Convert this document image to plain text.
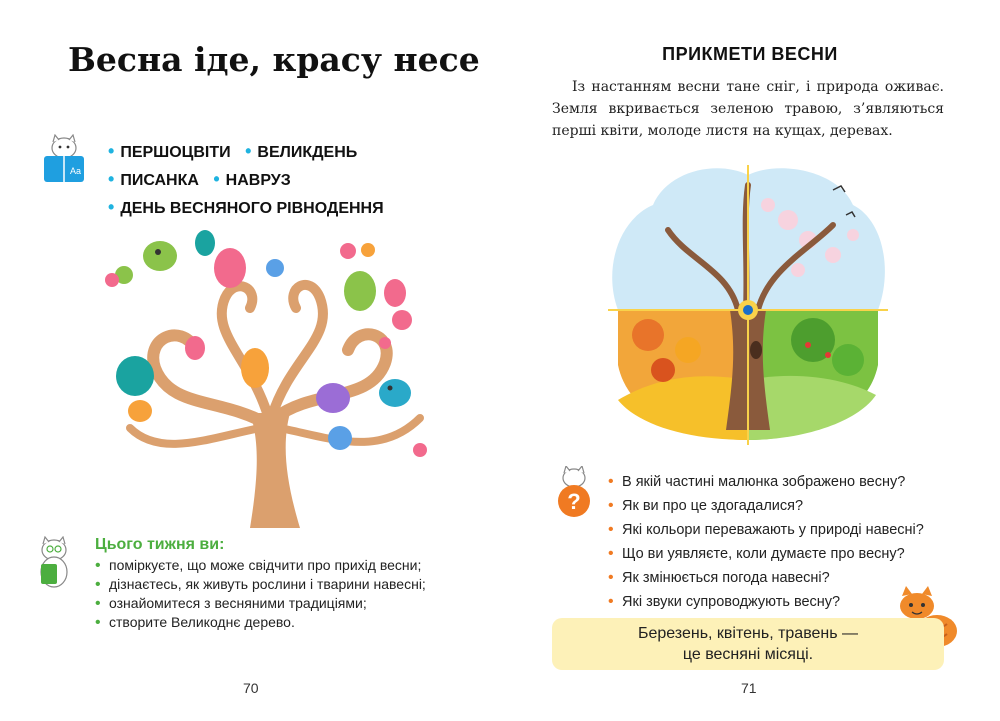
Весна іде, красу несе
Aa
• ПЕРШОЦВІТИ • ВЕЛИКДЕНЬ
• ПИСАНКА • НАВРУЗ
• ДЕНЬ ВЕСНЯНОГО РІВНОДЕННЯ
Цього тижня ви:
• поміркуєте, що може свідчити про прихід весни;
• дізнаєтесь, як живуть рослини і тварини навесні;
• ознайомитеся з весняними традиціями;
• створите Великоднє дерево.
70
ПРИКМЕТИ ВЕСНИ
Із настанням весни тане сніг, і природа оживає. Земля вкривається зеленою травою, з’являються перші квіти, молоде листя на кущах, деревах.
?
• В якій частині малюнка зображено весну?
• Як ви про це здогадалися?
• Які кольори переважають у природі навесні?
• Що ви уявляєте, коли думаєте про весну?
• Як змінюється погода навесні?
• Які звуки супроводжують весну?
Березень, квітень, травень — це весняні місяці.
71
